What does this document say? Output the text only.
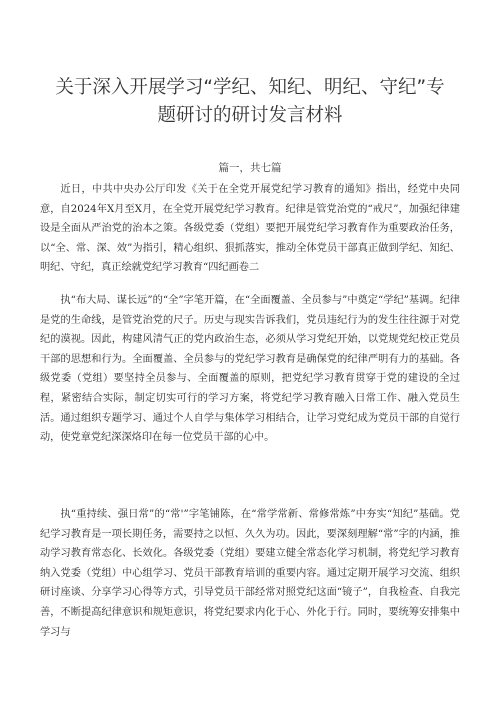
关于深入开展学习“学纪、知纪、明纪、守纪”专
题研讨的研讨发言材料
篇一，共七篇

近日，中共中央办公厅印发《关于在全党开展党纪学习教育的通知》指出，经党中央同意，自2024年X月至X月，在全党开展党纪学习教育。纪律是管党治党的“戒尺”，加强纪律建设是全面从严治党的治本之策。各级党委（党组）要把开展党纪学习教育作为重要政治任务，以“全、常、深、效”为指引，精心组织、狠抓落实，推动全体党员干部真正做到学纪、知纪、明纪、守纪，真正绘就党纪学习教育“四纪画卷二

执“布大局、谋长远”的“全”字笔开篇，在“全面覆盖、全员参与”中奠定“学纪”基调。纪律是党的生命线，是管党治党的尺子。历史与现实告诉我们，党员违纪行为的发生往往源于对党纪的漠视。因此，构建风清气正的党内政治生态，必须从学习党纪开始，以党规党纪校正党员干部的思想和行为。全面覆盖、全员参与的党纪学习教育是确保党的纪律严明有力的基础。各级党委（党组）要坚持全员参与、全面覆盖的原则，把党纪学习教育贯穿于党的建设的全过程，紧密结合实际，制定切实可行的学习方案，将党纪学习教育融入日常工作、融入党员生活。通过组织专题学习、通过个人自学与集体学习相结合，让学习党纪成为党员干部的自觉行动，使党章党纪深深烙印在每一位党员干部的心中。

执“重持续、强日常”的“常'”字笔铺陈，在“常学常新、常修常炼”中夯实“知纪”基础。党纪学习教育是一项长期任务，需要持之以恒、久久为功。因此，要深刻理解“常”字的内涵，推动学习教育常态化、长效化。各级党委（党组）要建立健全常态化学习机制，将党纪学习教育纳入党委（党组）中心组学习、党员干部教育培训的重要内容。通过定期开展学习交流、组织研讨座谈、分享学习心得等方式，引导党员干部经常对照党纪这面“镜子”，自我检查、自我完善，不断提高纪律意识和规矩意识，将党纪要求内化于心、外化于行。同时，要统筹安排集中学习与
